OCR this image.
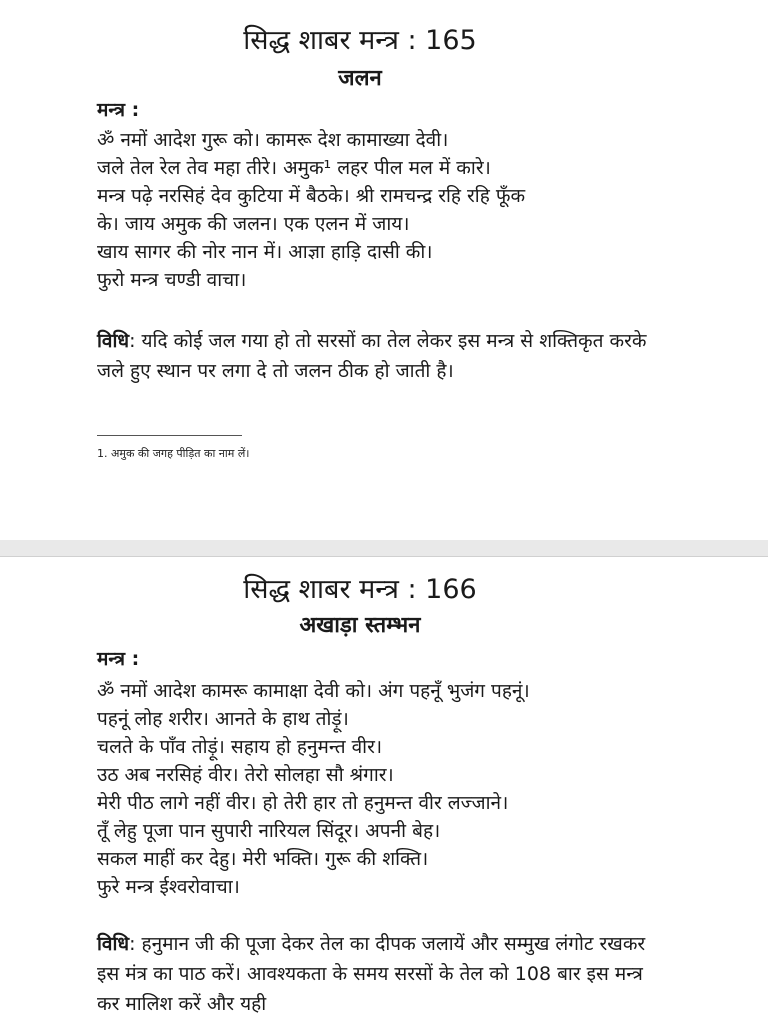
सिद्ध शाबर मन्त्र : 165
जलन

मन्त्र :

ॐ नमों आदेश गुरू को। कामरू देश कामाख्या देवी।
जले तेल रेल तेव महा तीरे। अमुक¹ लहर पील मल में कारे।
मन्त्र पढ़े नरसिहं देव कुटिया में बैठके। श्री रामचन्द्र रहि रहि फूँक
के। जाय अमुक की जलन। एक एलन में जाय।
खाय सागर की नोर नान में। आज्ञा हाड़ि दासी की।
फुरो मन्त्र चण्डी वाचा।

विधि: यदि कोई जल गया हो तो सरसों का तेल लेकर इस मन्त्र से शक्तिकृत करके जले हुए स्थान पर लगा दे तो जलन ठीक हो जाती है।

1. अमुक की जगह पीड़ित का नाम लें।

सिद्ध शाबर मन्त्र : 166
अखाड़ा स्तम्भन

मन्त्र :

ॐ नमों आदेश कामरू कामाक्षा देवी को। अंग पहनूँ भुजंग पहनूं।
पहनूं लोह शरीर। आनते के हाथ तोड़ूं।
चलते के पाँव तोड़ूं। सहाय हो हनुमन्त वीर।
उठ अब नरसिहं वीर। तेरो सोलहा सौ श्रंगार।
मेरी पीठ लागे नहीं वीर। हो तेरी हार तो हनुमन्त वीर लज्जाने।
तूँ लेहु पूजा पान सुपारी नारियल सिंदूर। अपनी बेह।
सकल माहीं कर देहु। मेरी भक्ति। गुरू की शक्ति।
फुरे मन्त्र ईश्वरोवाचा।

विधि: हनुमान जी की पूजा देकर तेल का दीपक जलायें और सम्मुख लंगोट रखकर इस मंत्र का पाठ करें। आवश्यकता के समय सरसों के तेल को 108 बार इस मन्त्र कर मालिश करें और यही
